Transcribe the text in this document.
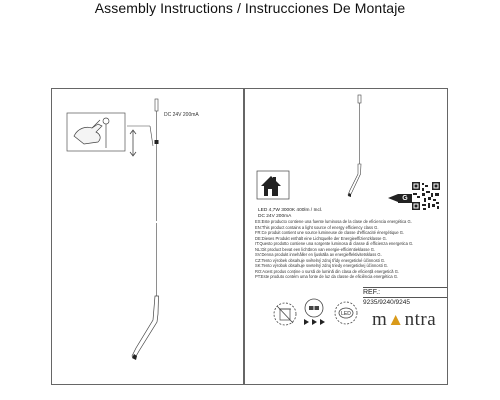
Assembly Instructions / Instrucciones De Montaje
DC 24V 200mA
G
LED 4,7W 3000K 400lm / Incl.
DC 24V 200mA
ES:Este producto contiene una fuente luminosa de la clase de eficiencia energética G.
EN:This product contains a light source of energy efficiency class G.
FR:Ce produit contient une source lumineuse de classe d'efficacité énergétique G.
DE:Dieses Produkt enthält eine Lichtquelle der Energieeffizienzklasse G.
IT:Questo prodotto contiene una sorgente luminosa di classe di efficienza energetica G.
NL:Dit product bevat een lichtbron van energie-efficiëntieklasse G.
SV:Denna produkt innehåller en ljuskälla av energieffektivitetsklass G.
CZ:Tento výrobek obsahuje světelný zdroj třídy energetické účinnosti G.
SK:Tento výrobok obsahuje svetelný zdroj triedy energetickej účinnosti G.
RO:Acest produs conține o sursă de lumină din clasa de eficiență energetică G.
PT:Este produto contém uma fonte de luz da classe de eficiência energética G.
LED
REF.:
9235/9240/9245
m▲ntra
